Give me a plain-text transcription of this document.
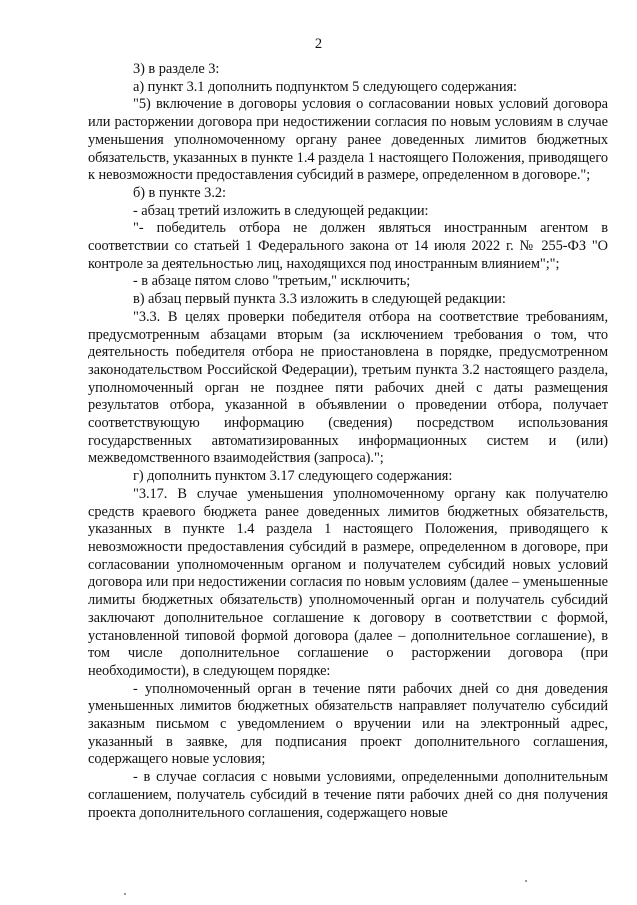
2

3) в разделе 3:

а) пункт 3.1 дополнить подпунктом 5 следующего содержания:

"5) включение в договоры условия о согласовании новых условий договора или расторжении договора при недостижении согласия по новым условиям в случае уменьшения уполномоченному органу ранее доведенных лимитов бюджетных обязательств, указанных в пункте 1.4 раздела 1 настоящего Положения, приводящего к невозможности предоставления субсидий в размере, определенном в договоре.";

б) в пункте 3.2:

- абзац третий изложить в следующей редакции:

"- победитель отбора не должен являться иностранным агентом в соответствии со статьей 1 Федерального закона от 14 июля 2022 г. № 255-ФЗ "О контроле за деятельностью лиц, находящихся под иностранным влиянием";";

- в абзаце пятом слово "третьим," исключить;

в) абзац первый пункта 3.3 изложить в следующей редакции:

"3.3. В целях проверки победителя отбора на соответствие требованиям, предусмотренным абзацами вторым (за исключением требования о том, что деятельность победителя отбора не приостановлена в порядке, предусмотренном законодательством Российской Федерации), третьим пункта 3.2 настоящего раздела, уполномоченный орган не позднее пяти рабочих дней с даты размещения результатов отбора, указанной в объявлении о проведении отбора, получает соответствующую информацию (сведения) посредством использования государственных автоматизированных информационных систем и (или) межведомственного взаимодействия (запроса).";

г) дополнить пунктом 3.17 следующего содержания:

"3.17. В случае уменьшения уполномоченному органу как получателю средств краевого бюджета ранее доведенных лимитов бюджетных обязательств, указанных в пункте 1.4 раздела 1 настоящего Положения, приводящего к невозможности предоставления субсидий в размере, определенном в договоре, при согласовании уполномоченным органом и получателем субсидий новых условий договора или при недостижении согласия по новым условиям (далее – уменьшенные лимиты бюджетных обязательств) уполномоченный орган и получатель субсидий заключают дополнительное соглашение к договору в соответствии с формой, установленной типовой формой договора (далее – дополнительное соглашение), в том числе дополнительное соглашение о расторжении договора (при необходимости), в следующем порядке:

- уполномоченный орган в течение пяти рабочих дней со дня доведения уменьшенных лимитов бюджетных обязательств направляет получателю субсидий заказным письмом с уведомлением о вручении или на электронный адрес, указанный в заявке, для подписания проект дополнительного соглашения, содержащего новые условия;

- в случае согласия с новыми условиями, определенными дополнительным соглашением, получатель субсидий в течение пяти рабочих дней со дня получения проекта дополнительного соглашения, содержащего новые
